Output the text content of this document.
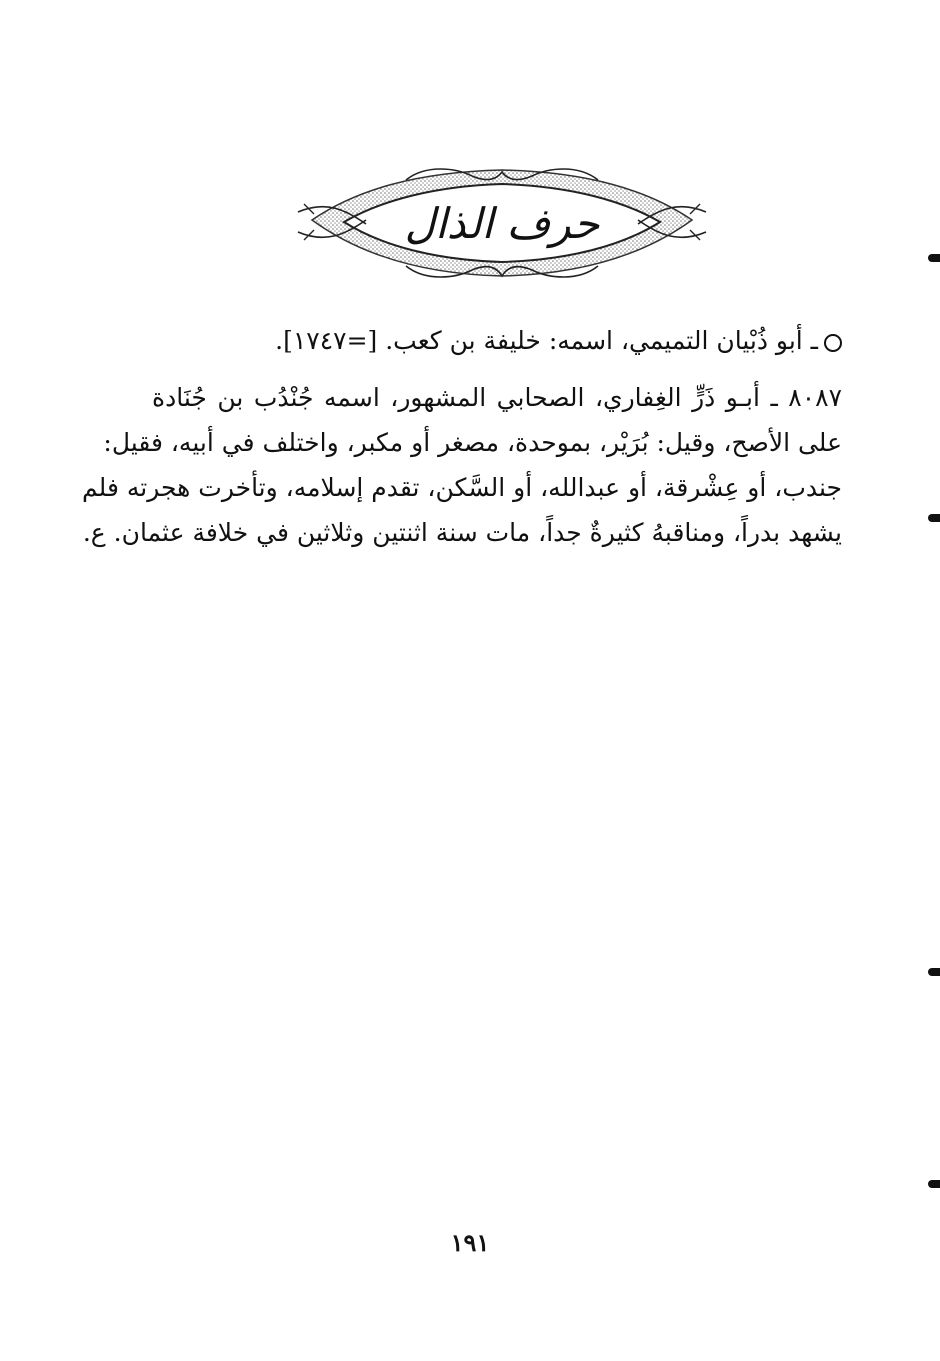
حرف الذال
ـ أبو ذُبْيان التميمي، اسمه: خليفة بن كعب. [=١٧٤٧].
٨٠٨٧ ـ أبـو ذَرٍّ الغِفاري، الصحابي المشهور، اسمه جُنْدُب بن جُنَادة
على الأصح، وقيل: بُرَيْر، بموحدة، مصغر أو مكبر، واختلف في أبيه، فقيل:
جندب، أو عِشْرقة، أو عبدالله، أو السَّكن، تقدم إسلامه، وتأخرت هجرته فلم
يشهد بدراً، ومناقبهُ كثيرةٌ جداً، مات سنة اثنتين وثلاثين في خلافة عثمان. ع.
١٩١
